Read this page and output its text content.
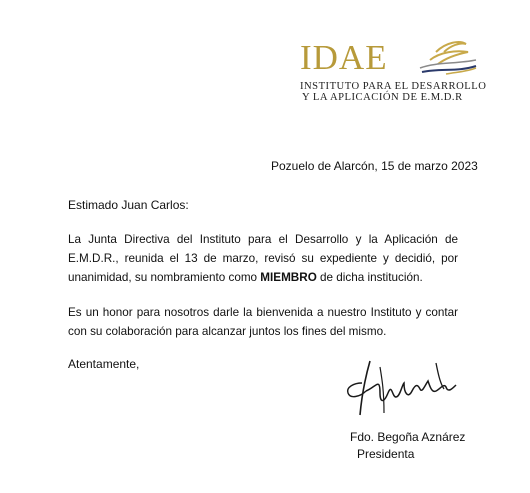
IDAE
INSTITUTO PARA EL DESARROLLO
Y LA APLICACIÓN DE E.M.D.R
Pozuelo de Alarcón, 15 de marzo 2023
Estimado Juan Carlos:

La Junta Directiva del Instituto para el Desarrollo y la Aplicación de E.M.D.R., reunida el 13 de marzo, revisó su expediente y decidió, por unanimidad, su nombramiento como MIEMBRO de dicha institución.

Es un honor para nosotros darle la bienvenida a nuestro Instituto y contar con su colaboración para alcanzar juntos los fines del mismo.

Atentamente,
Fdo. Begoña Aznárez
Presidenta
